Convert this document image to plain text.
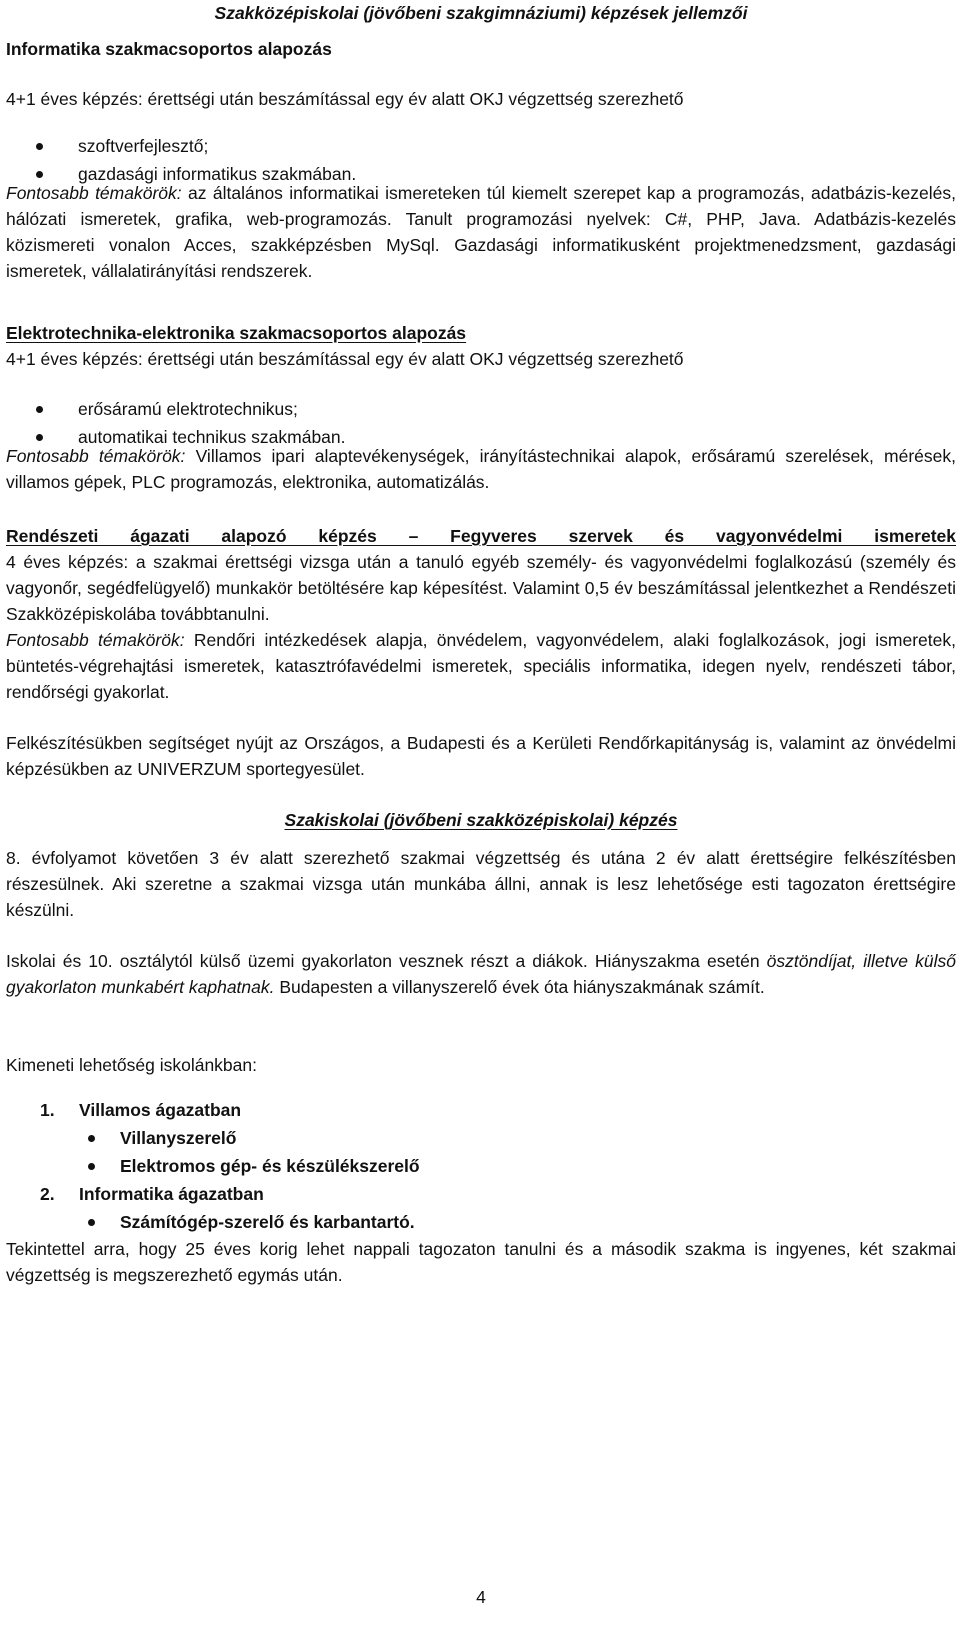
Szakközépiskolai (jövőbeni szakgimnáziumi) képzések jellemzői
Informatika szakmacsoportos alapozás
4+1 éves képzés: érettségi után beszámítással egy év alatt OKJ végzettség szerezhető
szoftverfejlesztő;
gazdasági informatikus szakmában.

Fontosabb témakörök: az általános informatikai ismereteken túl kiemelt szerepet kap a programozás, adatbázis-kezelés, hálózati ismeretek, grafika, web-programozás. Tanult programozási nyelvek: C#, PHP, Java. Adatbázis-kezelés közismereti vonalon Acces, szakképzésben MySql. Gazdasági informatikusként projektmenedzsment, gazdasági ismeretek, vállalatirányítási rendszerek.

Elektrotechnika-elektronika szakmacsoportos alapozás
4+1 éves képzés: érettségi után beszámítással egy év alatt OKJ végzettség szerezhető
erősáramú elektrotechnikus;
automatikai technikus szakmában.

Fontosabb témakörök: Villamos ipari alaptevékenységek, irányítástechnikai alapok, erősáramú szerelések, mérések, villamos gépek, PLC programozás, elektronika, automatizálás.

Rendészeti ágazati alapozó képzés – Fegyveres szervek és vagyonvédelmi ismeretek

4 éves képzés: a szakmai érettségi vizsga után a tanuló egyéb személy- és vagyonvédelmi foglalkozású (személy és vagyonőr, segédfelügyelő) munkakör betöltésére kap képesítést. Valamint 0,5 év beszámítással jelentkezhet a Rendészeti Szakközépiskolába továbbtanulni.

Fontosabb témakörök: Rendőri intézkedések alapja, önvédelem, vagyonvédelem, alaki foglalkozások, jogi ismeretek, büntetés-végrehajtási ismeretek, katasztrófavédelmi ismeretek, speciális informatika, idegen nyelv, rendészeti tábor, rendőrségi gyakorlat.

Felkészítésükben segítséget nyújt az Országos, a Budapesti és a Kerületi Rendőrkapitányság is, valamint az önvédelmi képzésükben az UNIVERZUM sportegyesület.

Szakiskolai (jövőbeni szakközépiskolai) képzés

8. évfolyamot követően 3 év alatt szerezhető szakmai végzettség és utána 2 év alatt érettségire felkészítésben részesülnek. Aki szeretne a szakmai vizsga után munkába állni, annak is lesz lehetősége esti tagozaton érettségire készülni.

Iskolai és 10. osztálytól külső üzemi gyakorlaton vesznek részt a diákok. Hiányszakma esetén ösztöndíjat, illetve külső gyakorlaton munkabért kaphatnak. Budapesten a villanyszerelő évek óta hiányszakmának számít.

Kimeneti lehetőség iskolánkban:
1. Villamos ágazatban
Villanyszerelő
Elektromos gép- és készülékszerelő
2. Informatika ágazatban
Számítógép-szerelő és karbantartó.

Tekintettel arra, hogy 25 éves korig lehet nappali tagozaton tanulni és a második szakma is ingyenes, két szakmai végzettség is megszerezhető egymás után.

4
